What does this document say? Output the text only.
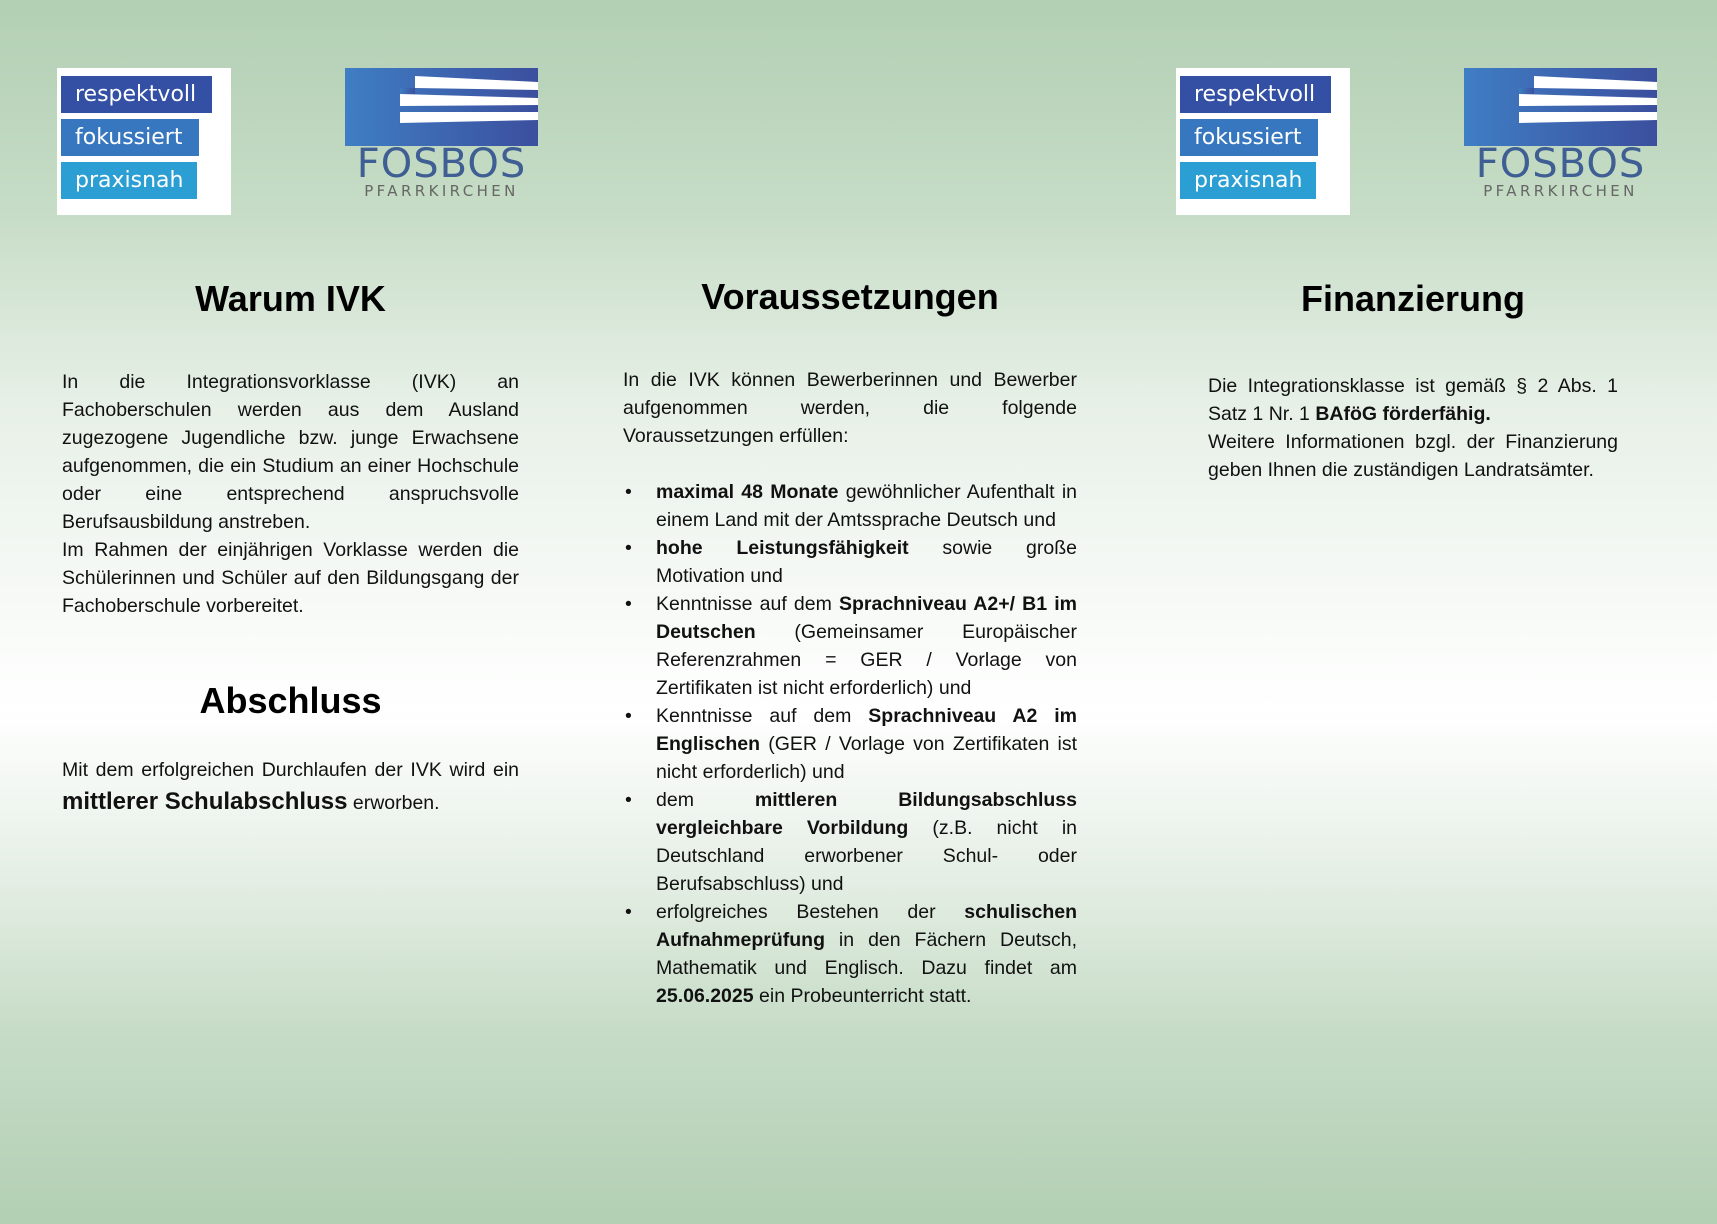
respektvoll
fokussiert
praxisnah	FOSBOS
PFARRKIRCHEN
respektvoll
fokussiert
praxisnah	FOSBOS
PFARRKIRCHEN
Warum IVK

In die Integrationsvorklasse (IVK) an Fachoberschulen werden aus dem Ausland zugezogene Jugendliche bzw. junge Erwachsene aufgenommen, die ein Studium an einer Hochschule oder eine entsprechend anspruchsvolle Berufsausbildung anstreben.
Im Rahmen der einjährigen Vorklasse werden die Schülerinnen und Schüler auf den Bildungsgang der Fachoberschule vorbereitet.

Abschluss

Mit dem erfolgreichen Durchlaufen der IVK wird ein mittlerer Schulabschluss erworben.

Voraussetzungen

In die IVK können Bewerberinnen und Bewerber aufgenommen werden, die folgende Voraussetzungen erfüllen:

• maximal 48 Monate gewöhnlicher Aufenthalt in einem Land mit der Amtssprache Deutsch und
• hohe Leistungsfähigkeit sowie große Motivation und
• Kenntnisse auf dem Sprachniveau A2+/ B1 im Deutschen (Gemeinsamer Europäischer Referenzrahmen = GER / Vorlage von Zertifikaten ist nicht erforderlich) und
• Kenntnisse auf dem Sprachniveau A2 im Englischen (GER / Vorlage von Zertifikaten ist nicht erforderlich) und
• dem mittleren Bildungsabschluss vergleichbare Vorbildung (z.B. nicht in Deutschland erworbener Schul- oder Berufsabschluss) und
• erfolgreiches Bestehen der schulischen Aufnahmeprüfung in den Fächern Deutsch, Mathematik und Englisch. Dazu findet am 25.06.2025 ein Probeunterricht statt.
Finanzierung

Die Integrationsklasse ist gemäß § 2 Abs. 1 Satz 1 Nr. 1 BAföG förderfähig.
Weitere Informationen bzgl. der Finanzierung geben Ihnen die zuständigen Landratsämter.
